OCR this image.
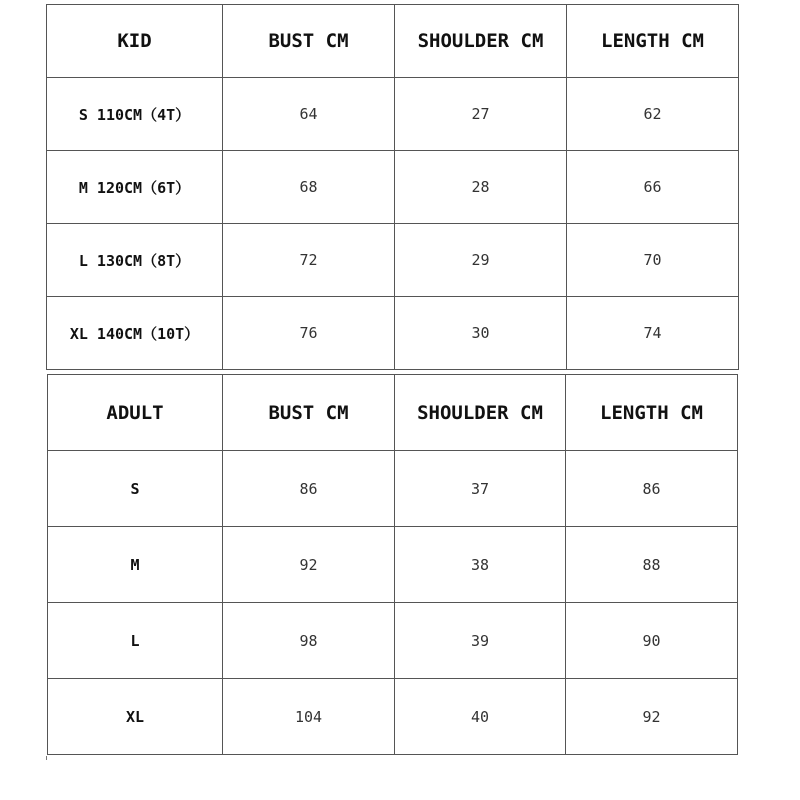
KID	BUST CM	SHOULDER CM	LENGTH CM
S 110CM（4T）	64	27	62
M 120CM（6T）	68	28	66
L 130CM（8T）	72	29	70
XL 140CM（10T）	76	30	74
ADULT	BUST CM	SHOULDER CM	LENGTH CM
S	86	37	86
M	92	38	88
L	98	39	90
XL	104	40	92
